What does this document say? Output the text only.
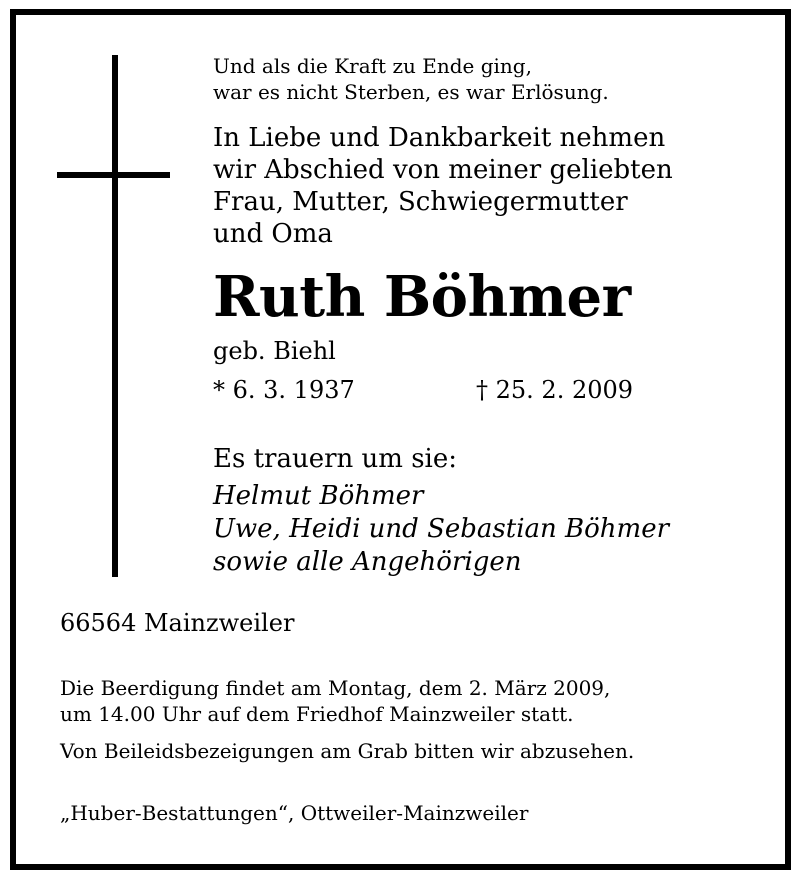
Und als die Kraft zu Ende ging,
war es nicht Sterben, es war Erlösung.
In Liebe und Dankbarkeit nehmen
wir Abschied von meiner geliebten
Frau, Mutter, Schwiegermutter
und Oma
Ruth Böhmer
geb. Biehl
* 6. 3. 1937	† 25. 2. 2009
Es trauern um sie:
Helmut Böhmer
Uwe, Heidi und Sebastian Böhmer
sowie alle Angehörigen
66564 Mainzweiler
Die Beerdigung findet am Montag, dem 2. März 2009,
um 14.00 Uhr auf dem Friedhof Mainzweiler statt.
Von Beileidsbezeigungen am Grab bitten wir abzusehen.
„Huber-Bestattungen“, Ottweiler-Mainzweiler
